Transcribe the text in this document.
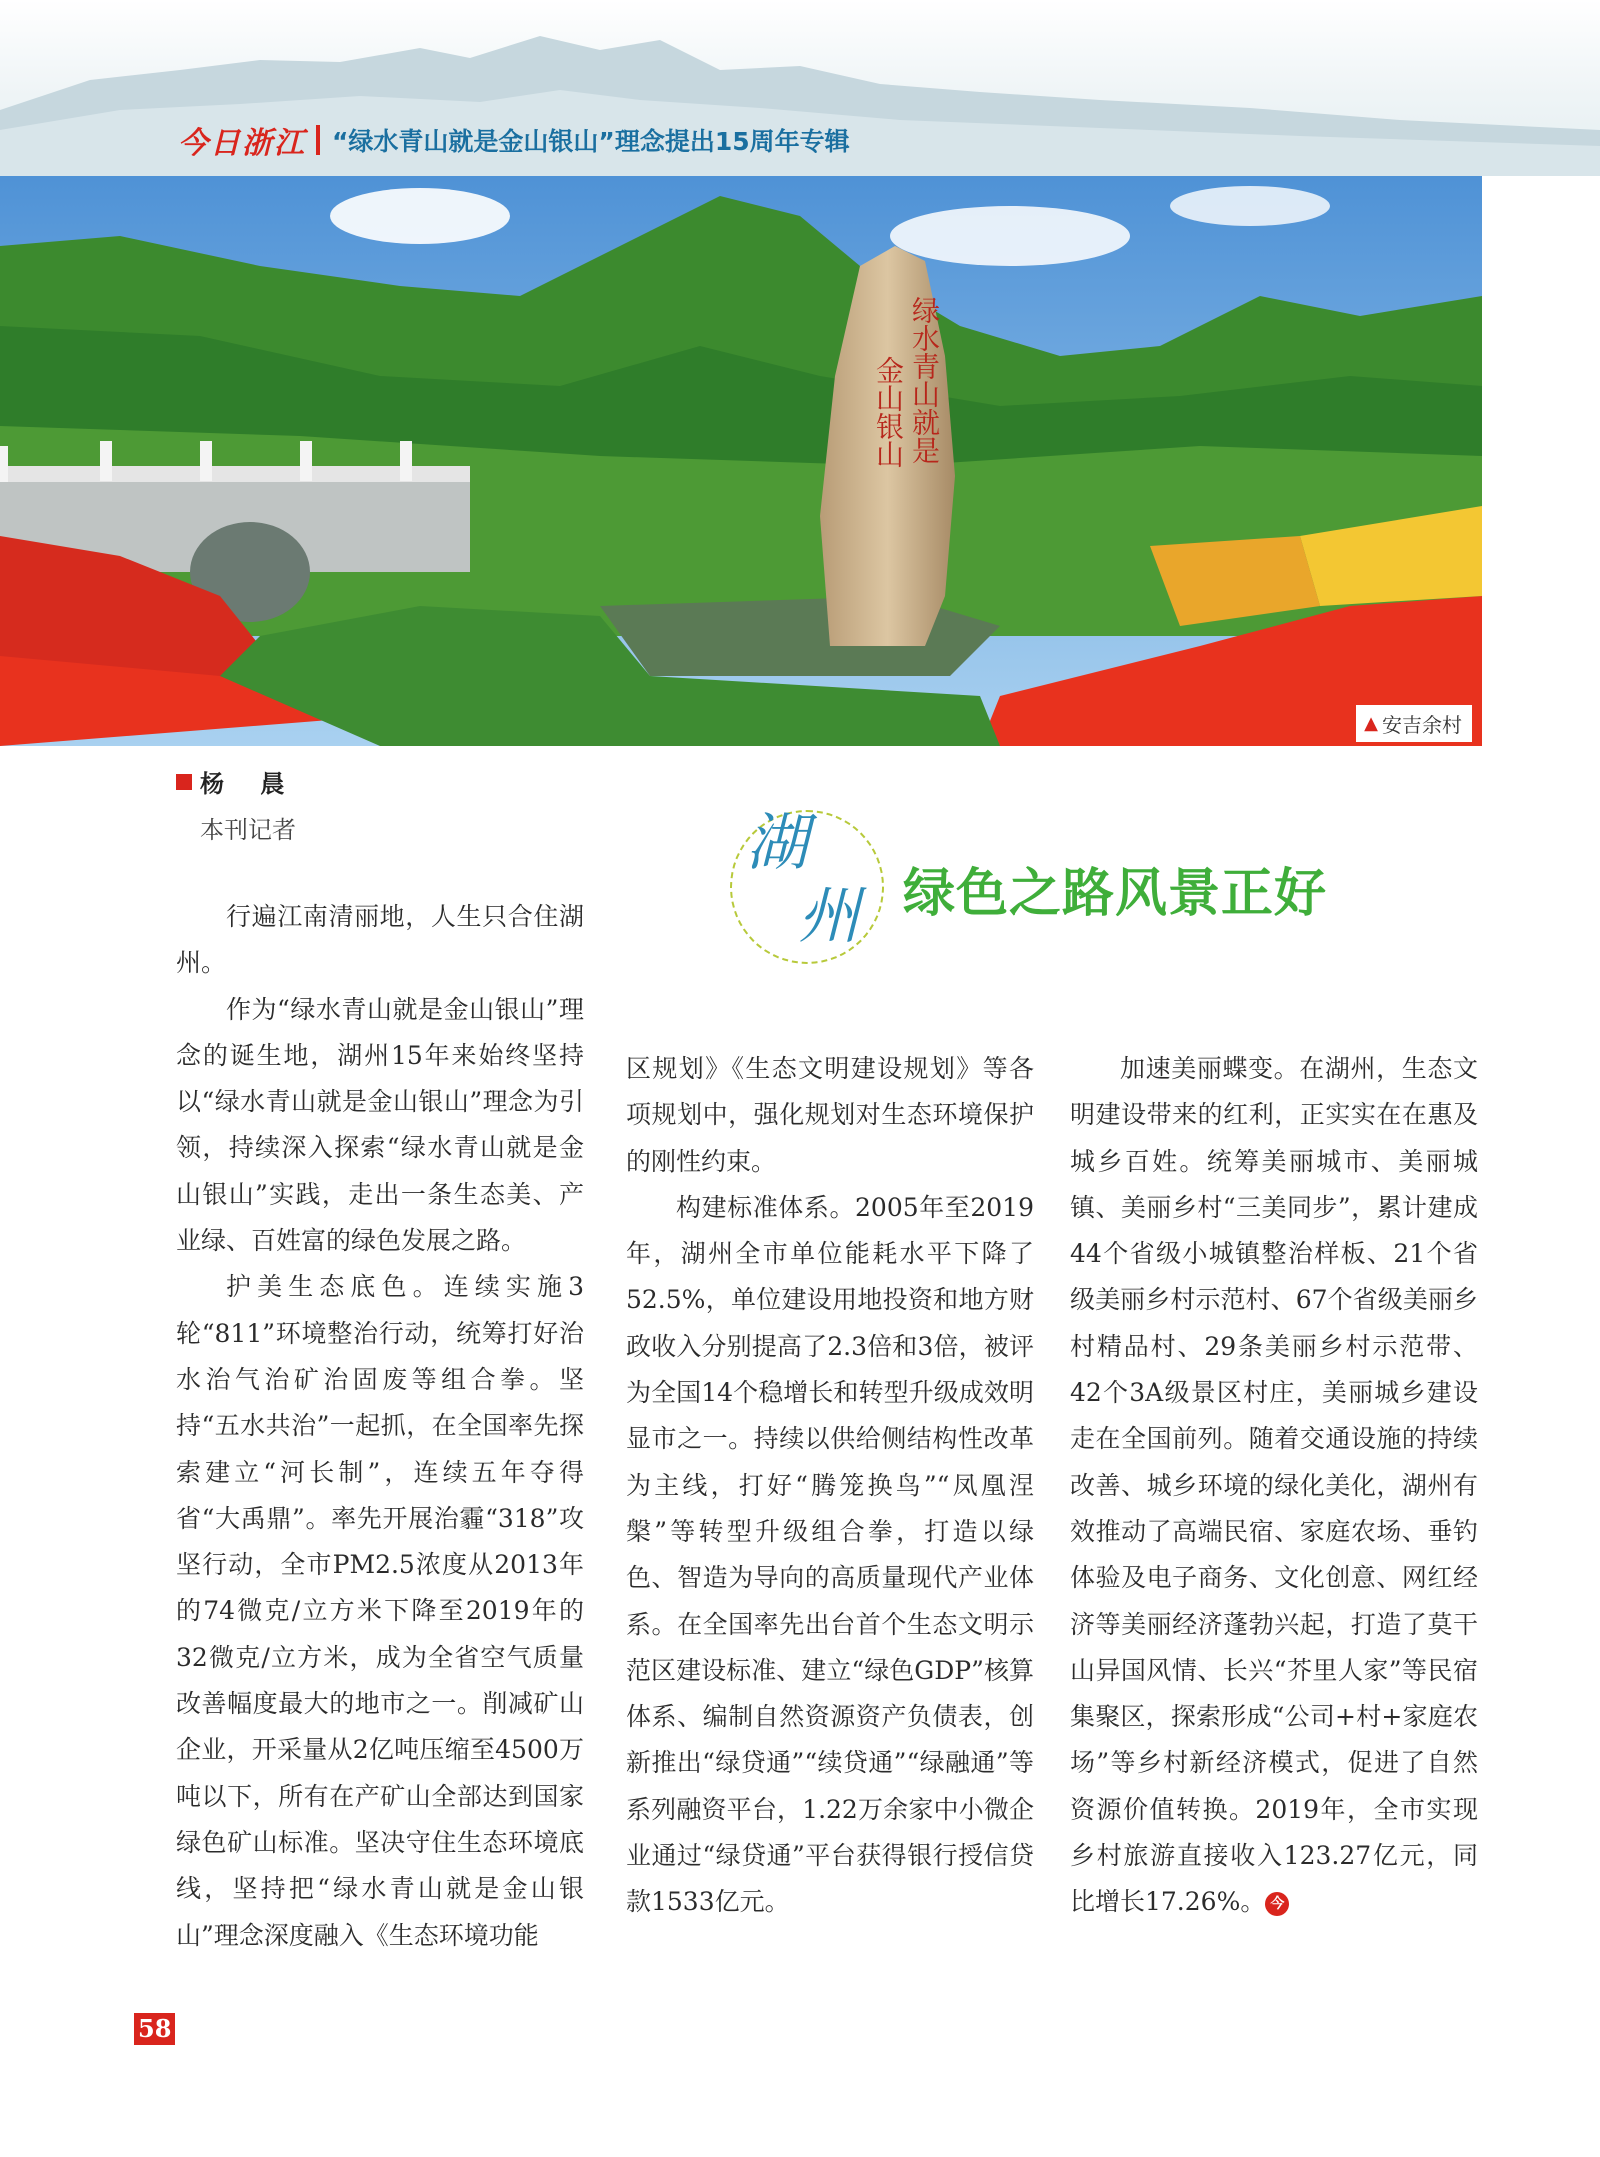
今日浙江 “绿水青山就是金山银山”理念提出15周年专辑
绿水青山就是
金山银山
▲ 安吉余村
杨 晨
本刊记者	湖
州 绿色之路风景正好

行遍江南清丽地，人生只合住湖州。

作为“绿水青山就是金山银山”理念的诞生地，湖州15年来始终坚持以“绿水青山就是金山银山”理念为引领，持续深入探索“绿水青山就是金山银山”实践，走出一条生态美、产业绿、百姓富的绿色发展之路。

护美生态底色。连续实施3轮“811”环境整治行动，统筹打好治水治气治矿治固废等组合拳。坚持“五水共治”一起抓，在全国率先探索建立“河长制”，连续五年夺得省“大禹鼎”。率先开展治霾“318”攻坚行动，全市PM2.5浓度从2013年的74微克/立方米下降至2019年的32微克/立方米，成为全省空气质量改善幅度最大的地市之一。削减矿山企业，开采量从2亿吨压缩至4500万吨以下，所有在产矿山全部达到国家绿色矿山标准。坚决守住生态环境底线，坚持把“绿水青山就是金山银山”理念深度融入《生态环境功能

区规划》《生态文明建设规划》等各项规划中，强化规划对生态环境保护的刚性约束。

构建标准体系。2005年至2019年，湖州全市单位能耗水平下降了52.5%，单位建设用地投资和地方财政收入分别提高了2.3倍和3倍，被评为全国14个稳增长和转型升级成效明显市之一。持续以供给侧结构性改革为主线，打好“腾笼换鸟”“凤凰涅槃”等转型升级组合拳，打造以绿色、智造为导向的高质量现代产业体系。在全国率先出台首个生态文明示范区建设标准、建立“绿色GDP”核算体系、编制自然资源资产负债表，创新推出“绿贷通”“续贷通”“绿融通”等系列融资平台，1.22万余家中小微企业通过“绿贷通”平台获得银行授信贷款1533亿元。

加速美丽蝶变。在湖州，生态文明建设带来的红利，正实实在在惠及城乡百姓。统筹美丽城市、美丽城镇、美丽乡村“三美同步”，累计建成44个省级小城镇整治样板、21个省级美丽乡村示范村、67个省级美丽乡村精品村、29条美丽乡村示范带、42个3A级景区村庄，美丽城乡建设走在全国前列。随着交通设施的持续改善、城乡环境的绿化美化，湖州有效推动了高端民宿、家庭农场、垂钓体验及电子商务、文化创意、网红经济等美丽经济蓬勃兴起，打造了莫干山异国风情、长兴“芥里人家”等民宿集聚区，探索形成“公司+村+家庭农场”等乡村新经济模式，促进了自然资源价值转换。2019年，全市实现乡村旅游直接收入123.27亿元，同比增长17.26%。 今

58
